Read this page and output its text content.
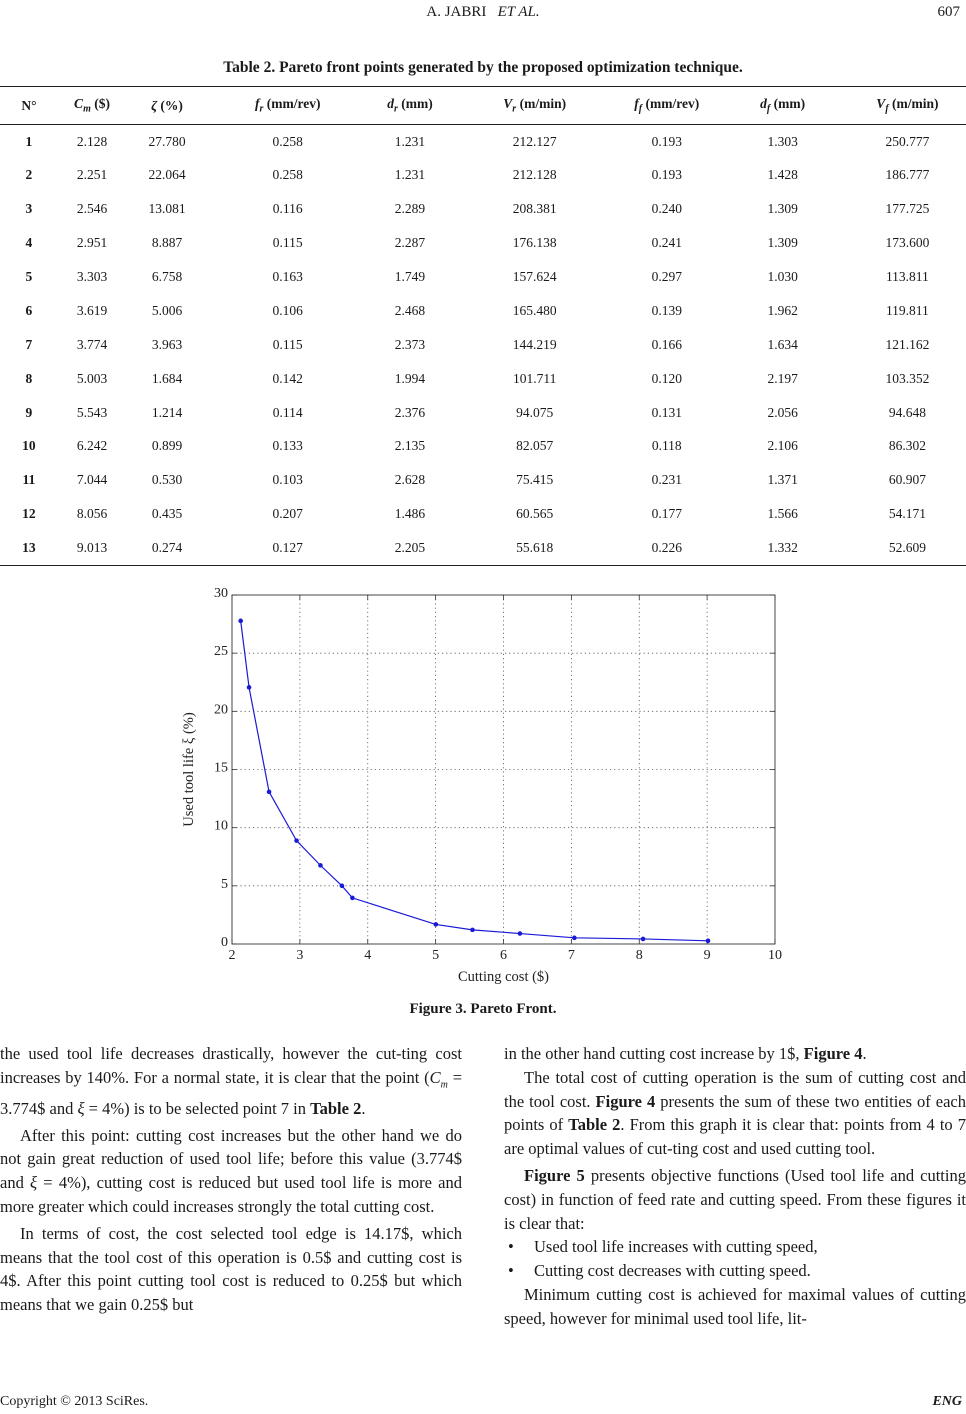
A. JABRI ET AL.	607
Table 2. Pareto front points generated by the proposed optimization technique.
N°	$C_m$ ($)	ζ (%)	$f_r$ (mm/rev)	$d_r$ (mm)	$V_r$ (m/min)	$f_f$ (mm/rev)	$d_f$ (mm)	$V_f$ (m/min)
1	2.128	27.780	0.258	1.231	212.127	0.193	1.303	250.777
2	2.251	22.064	0.258	1.231	212.128	0.193	1.428	186.777
3	2.546	13.081	0.116	2.289	208.381	0.240	1.309	177.725
4	2.951	8.887	0.115	2.287	176.138	0.241	1.309	173.600
5	3.303	6.758	0.163	1.749	157.624	0.297	1.030	113.811
6	3.619	5.006	0.106	2.468	165.480	0.139	1.962	119.811
7	3.774	3.963	0.115	2.373	144.219	0.166	1.634	121.162
8	5.003	1.684	0.142	1.994	101.711	0.120	2.197	103.352
9	5.543	1.214	0.114	2.376	94.075	0.131	2.056	94.648
10	6.242	0.899	0.133	2.135	82.057	0.118	2.106	86.302
11	7.044	0.530	0.103	2.628	75.415	0.231	1.371	60.907
12	8.056	0.435	0.207	1.486	60.565	0.177	1.566	54.171
13	9.013	0.274	0.127	2.205	55.618	0.226	1.332	52.609
2	3	4	5	6	7	8	9	10
0
5
10
15
20
25
30
Cutting cost ($)
Used tool life ξ (%)
Figure 3. Pareto Front.

the used tool life decreases drastically, however the cut-ting cost increases by 140%. For a normal state, it is clear that the point ($C_m$ = 3.774$ and ξ = 4%) is to be selected point 7 in Table 2.

After this point: cutting cost increases but the other hand we do not gain great reduction of used tool life; before this value (3.774$ and ξ = 4%), cutting cost is reduced but used tool life is more and more greater which could increases strongly the total cutting cost.

In terms of cost, the cost selected tool edge is 14.17$, which means that the tool cost of this operation is 0.5$ and cutting cost is 4$. After this point cutting tool cost is reduced to 0.25$ but which means that we gain 0.25$ but

in the other hand cutting cost increase by 1$, Figure 4.

The total cost of cutting operation is the sum of cutting cost and the tool cost. Figure 4 presents the sum of these two entities of each points of Table 2. From this graph it is clear that: points from 4 to 7 are optimal values of cut-ting cost and used cutting tool.

Figure 5 presents objective functions (Used tool life and cutting cost) in function of feed rate and cutting speed. From these figures it is clear that:

• Used tool life increases with cutting speed,
• Cutting cost decreases with cutting speed.

Minimum cutting cost is achieved for maximal values of cutting speed, however for minimal used tool life, lit-

Copyright © 2013 SciRes.	ENG
